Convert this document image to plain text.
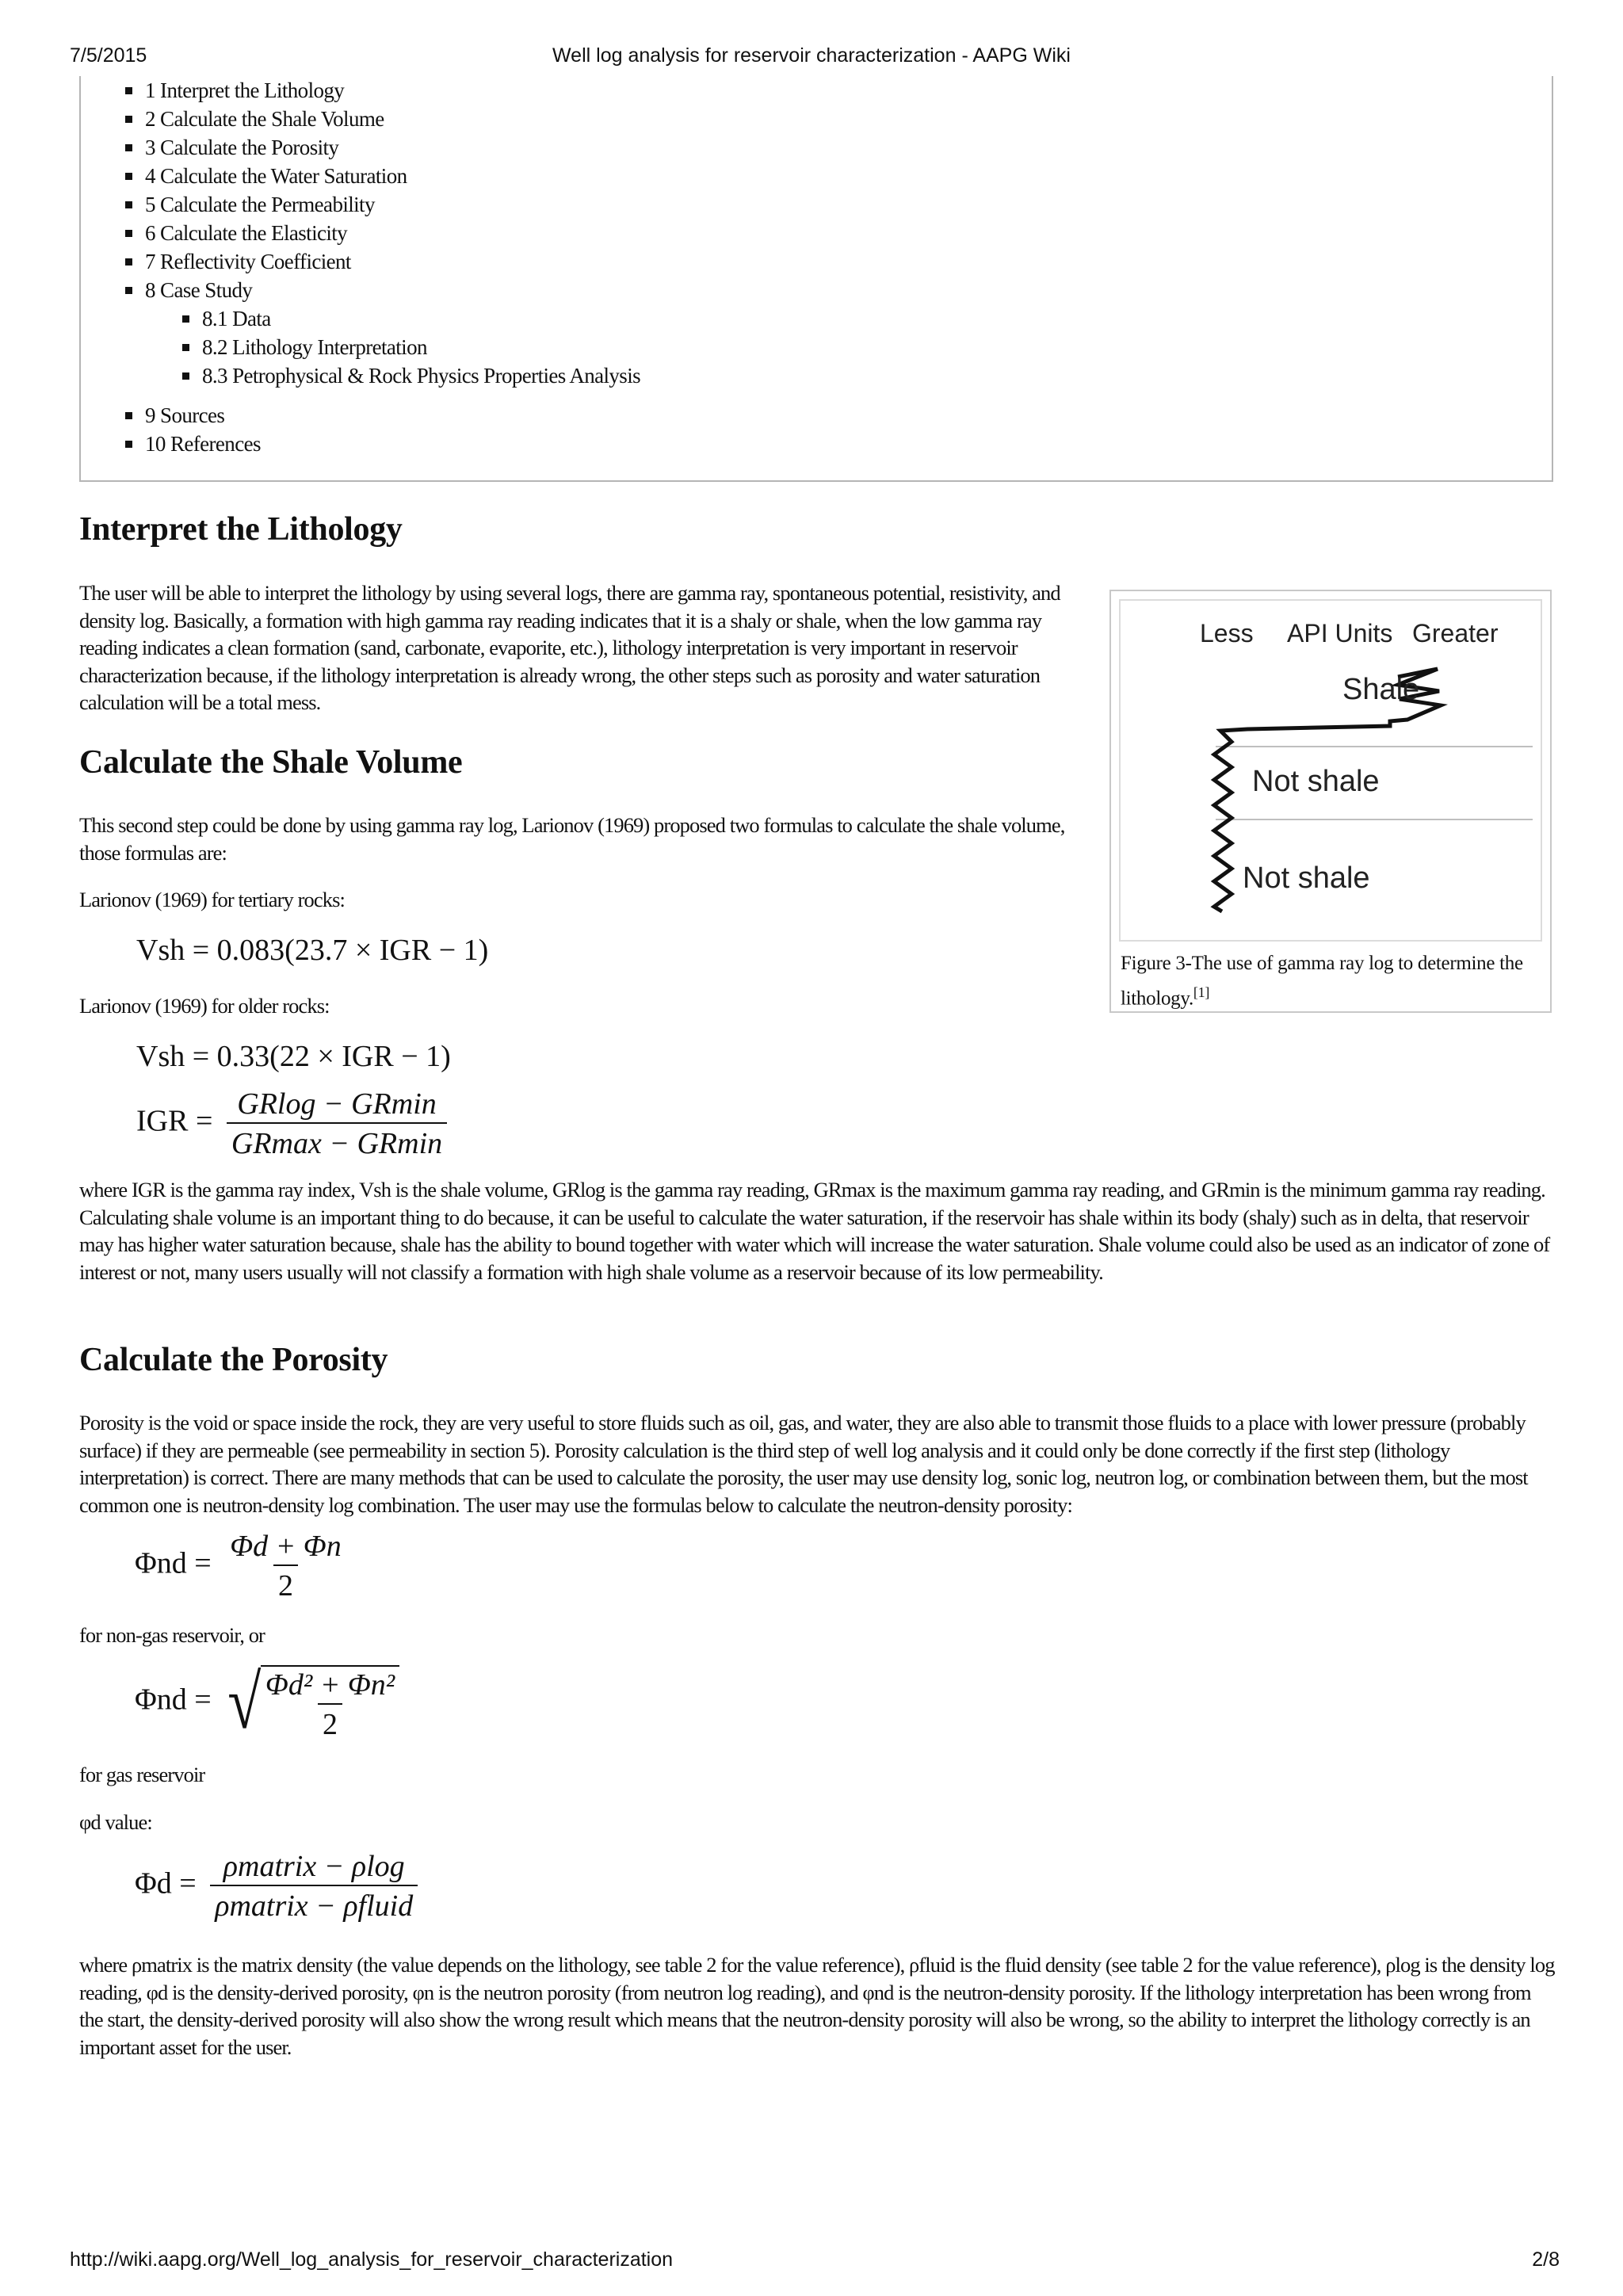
7/5/2015	Well log analysis for reservoir characterization - AAPG Wiki
1 Interpret the Lithology
2 Calculate the Shale Volume
3 Calculate the Porosity
4 Calculate the Water Saturation
5 Calculate the Permeability
6 Calculate the Elasticity
7 Reflectivity Coefficient
8 Case Study
8.1 Data
8.2 Lithology Interpretation
8.3 Petrophysical & Rock Physics Properties Analysis
9 Sources
10 References
Interpret the Lithology

The user will be able to interpret the lithology by using several logs, there are gamma ray, spontaneous potential, resistivity, and density log. Basically, a formation with high gamma ray reading indicates that it is a shaly or shale, when the low gamma ray reading indicates a clean formation (sand, carbonate, evaporite, etc.), lithology interpretation is very important in reservoir characterization because, if the lithology interpretation is already wrong, the other steps such as porosity and water saturation calculation will be a total mess.

Less API Units Greater
Shale
Not shale
Not shale
Figure 3-The use of gamma ray log to determine the lithology.[1]
Calculate the Shale Volume

This second step could be done by using gamma ray log, Larionov (1969) proposed two formulas to calculate the shale volume, those formulas are:

Larionov (1969) for tertiary rocks:

Vsh = 0.083(23.7 × IGR − 1)

Larionov (1969) for older rocks:

Vsh = 0.33(22 × IGR − 1)
IGR = $\frac{GRlog - GRmin}{GRmax - GRmin}$

where IGR is the gamma ray index, Vsh is the shale volume, GRlog is the gamma ray reading, GRmax is the maximum gamma ray reading, and GRmin is the minimum gamma ray reading. Calculating shale volume is an important thing to do because, it can be useful to calculate the water saturation, if the reservoir has shale within its body (shaly) such as in delta, that reservoir may has higher water saturation because, shale has the ability to bound together with water which will increase the water saturation. Shale volume could also be used as an indicator of zone of interest or not, many users usually will not classify a formation with high shale volume as a reservoir because of its low permeability.

Calculate the Porosity

Porosity is the void or space inside the rock, they are very useful to store fluids such as oil, gas, and water, they are also able to transmit those fluids to a place with lower pressure (probably surface) if they are permeable (see permeability in section 5). Porosity calculation is the third step of well log analysis and it could only be done correctly if the first step (lithology interpretation) is correct. There are many methods that can be used to calculate the porosity, the user may use density log, sonic log, neutron log, or combination between them, but the most common one is neutron-density log combination. The user may use the formulas below to calculate the neutron-density porosity:

$\Phi nd = \frac{\Phi d + \Phi n}{2}$

for non-gas reservoir, or

Φnd = √ $\frac{\text{Φd² + Φn²}}{2}$

for gas reservoir

φd value:

$\Phi d = \frac{\text{ρmatrix − ρlog}}{\text{ρmatrix − ρfluid}}$

where ρmatrix is the matrix density (the value depends on the lithology, see table 2 for the value reference), ρfluid is the fluid density (see table 2 for the value reference), ρlog is the density log reading, φd is the density-derived porosity, φn is the neutron porosity (from neutron log reading), and φnd is the neutron-density porosity. If the lithology interpretation has been wrong from the start, the density-derived porosity will also show the wrong result which means that the neutron-density porosity will also be wrong, so the ability to interpret the lithology correctly is an important asset for the user.

http://wiki.aapg.org/Well_log_analysis_for_reservoir_characterization	2/8
